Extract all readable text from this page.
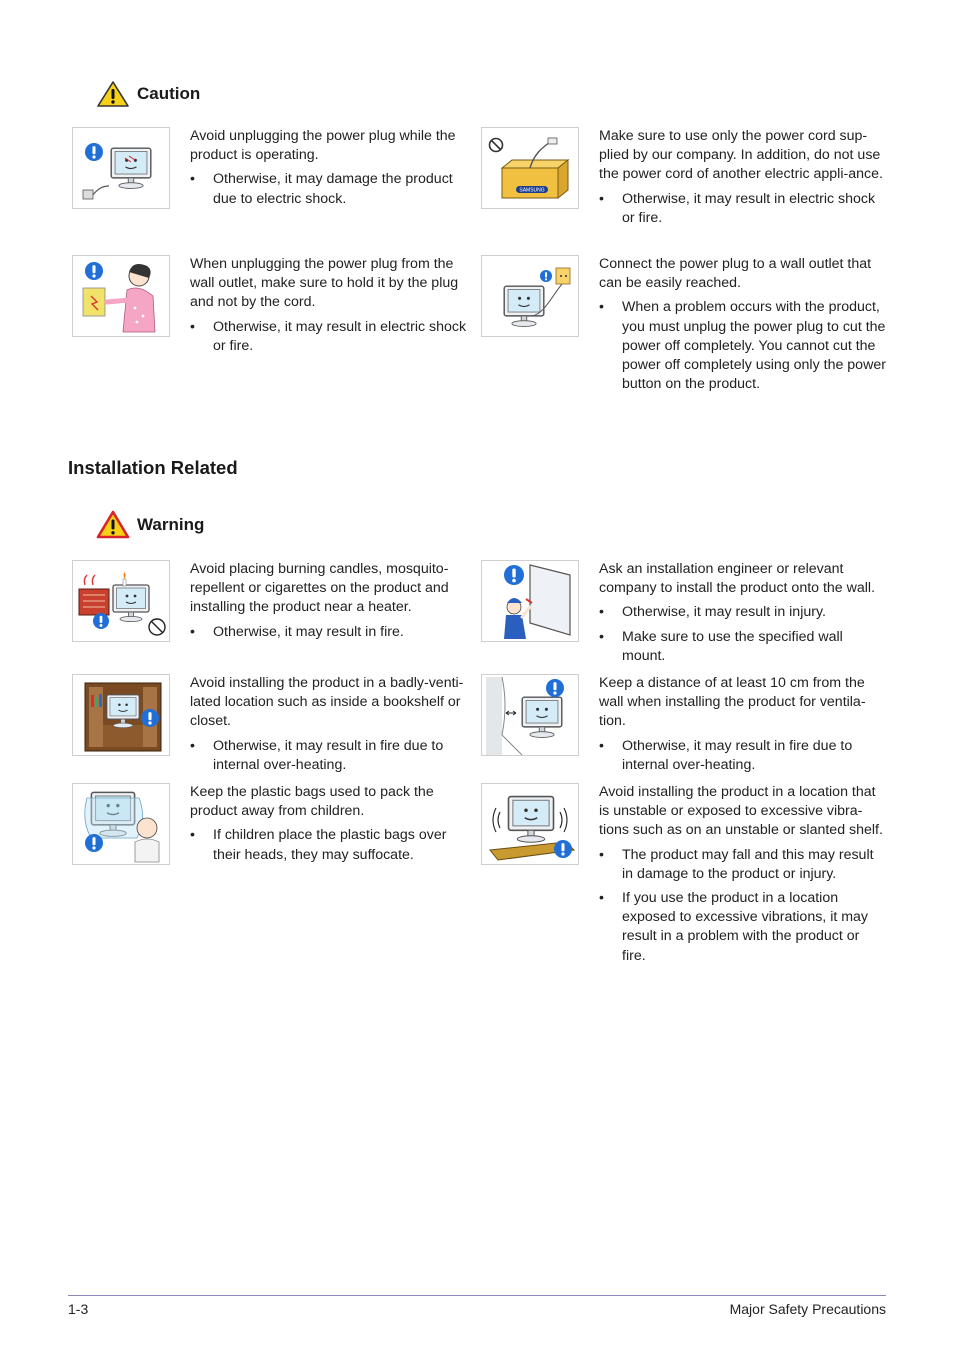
Caution

Avoid unplugging the power plug while the product is operating.

• Otherwise, it may damage the product due to electric shock.
SAMSUNG

Make sure to use only the power cord sup-plied by our company. In addition, do not use the power cord of another electric appli-ance.

• Otherwise, it may result in electric shock or fire.

When unplugging the power plug from the wall outlet, make sure to hold it by the plug and not by the cord.

• Otherwise, it may result in electric shock or fire.

Connect the power plug to a wall outlet that can be easily reached.

• When a problem occurs with the product, you must unplug the power plug to cut the power off completely. You cannot cut the power off completely using only the power button on the product.
Installation Related
Warning

Avoid placing burning candles, mosquito-repellent or cigarettes on the product and installing the product near a heater.

• Otherwise, it may result in fire.

Ask an installation engineer or relevant company to install the product onto the wall.

• Otherwise, it may result in injury.
• Make sure to use the specified wall mount.

Avoid installing the product in a badly-venti-lated location such as inside a bookshelf or closet.

• Otherwise, it may result in fire due to internal over-heating.

Keep a distance of at least 10 cm from the wall when installing the product for ventila-tion.

• Otherwise, it may result in fire due to internal over-heating.

Keep the plastic bags used to pack the product away from children.

• If children place the plastic bags over their heads, they may suffocate.

Avoid installing the product in a location that is unstable or exposed to excessive vibra-tions such as on an unstable or slanted shelf.

• The product may fall and this may result in damage to the product or injury.
• If you use the product in a location exposed to excessive vibrations, it may result in a problem with the product or fire.
1-3	Major Safety Precautions
